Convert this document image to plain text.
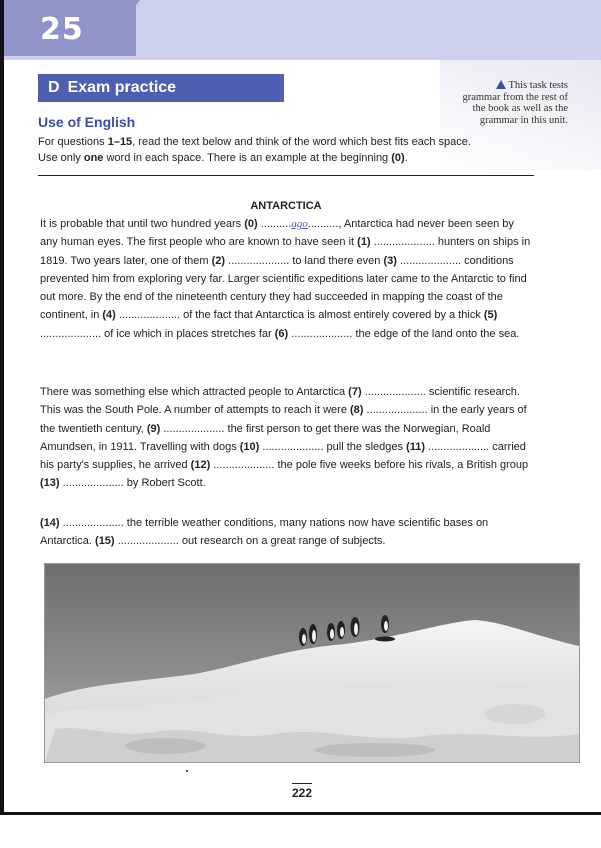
25
D Exam practice
Use of English
For questions 1–15, read the text below and think of the word which best fits each space. Use only one word in each space. There is an example at the beginning (0).
This task tests grammar from the rest of the book as well as the grammar in this unit.
ANTARCTICA
It is probable that until two hundred years (0) ..........ago.........., Antarctica had never been seen by any human eyes. The first people who are known to have seen it (1) .................... hunters on ships in 1819. Two years later, one of them (2) .................... to land there even (3) .................... conditions prevented him from exploring very far. Larger scientific expeditions later came to the Antarctic to find out more. By the end of the nineteenth century they had succeeded in mapping the coast of the continent, in (4) .................... of the fact that Antarctica is almost entirely covered by a thick (5) .................... of ice which in places stretches far (6) .................... the edge of the land onto the sea.
There was something else which attracted people to Antarctica (7) .................... scientific research. This was the South Pole. A number of attempts to reach it were (8) .................... in the early years of the twentieth century, (9) .................... the first person to get there was the Norwegian, Roald Amundsen, in 1911. Travelling with dogs (10) .................... pull the sledges (11) .................... carried his party's supplies, he arrived (12) .................... the pole five weeks before his rivals, a British group (13) .................... by Robert Scott.
(14) .................... the terrible weather conditions, many nations now have scientific bases on Antarctica. (15) .................... out research on a great range of subjects.
222
